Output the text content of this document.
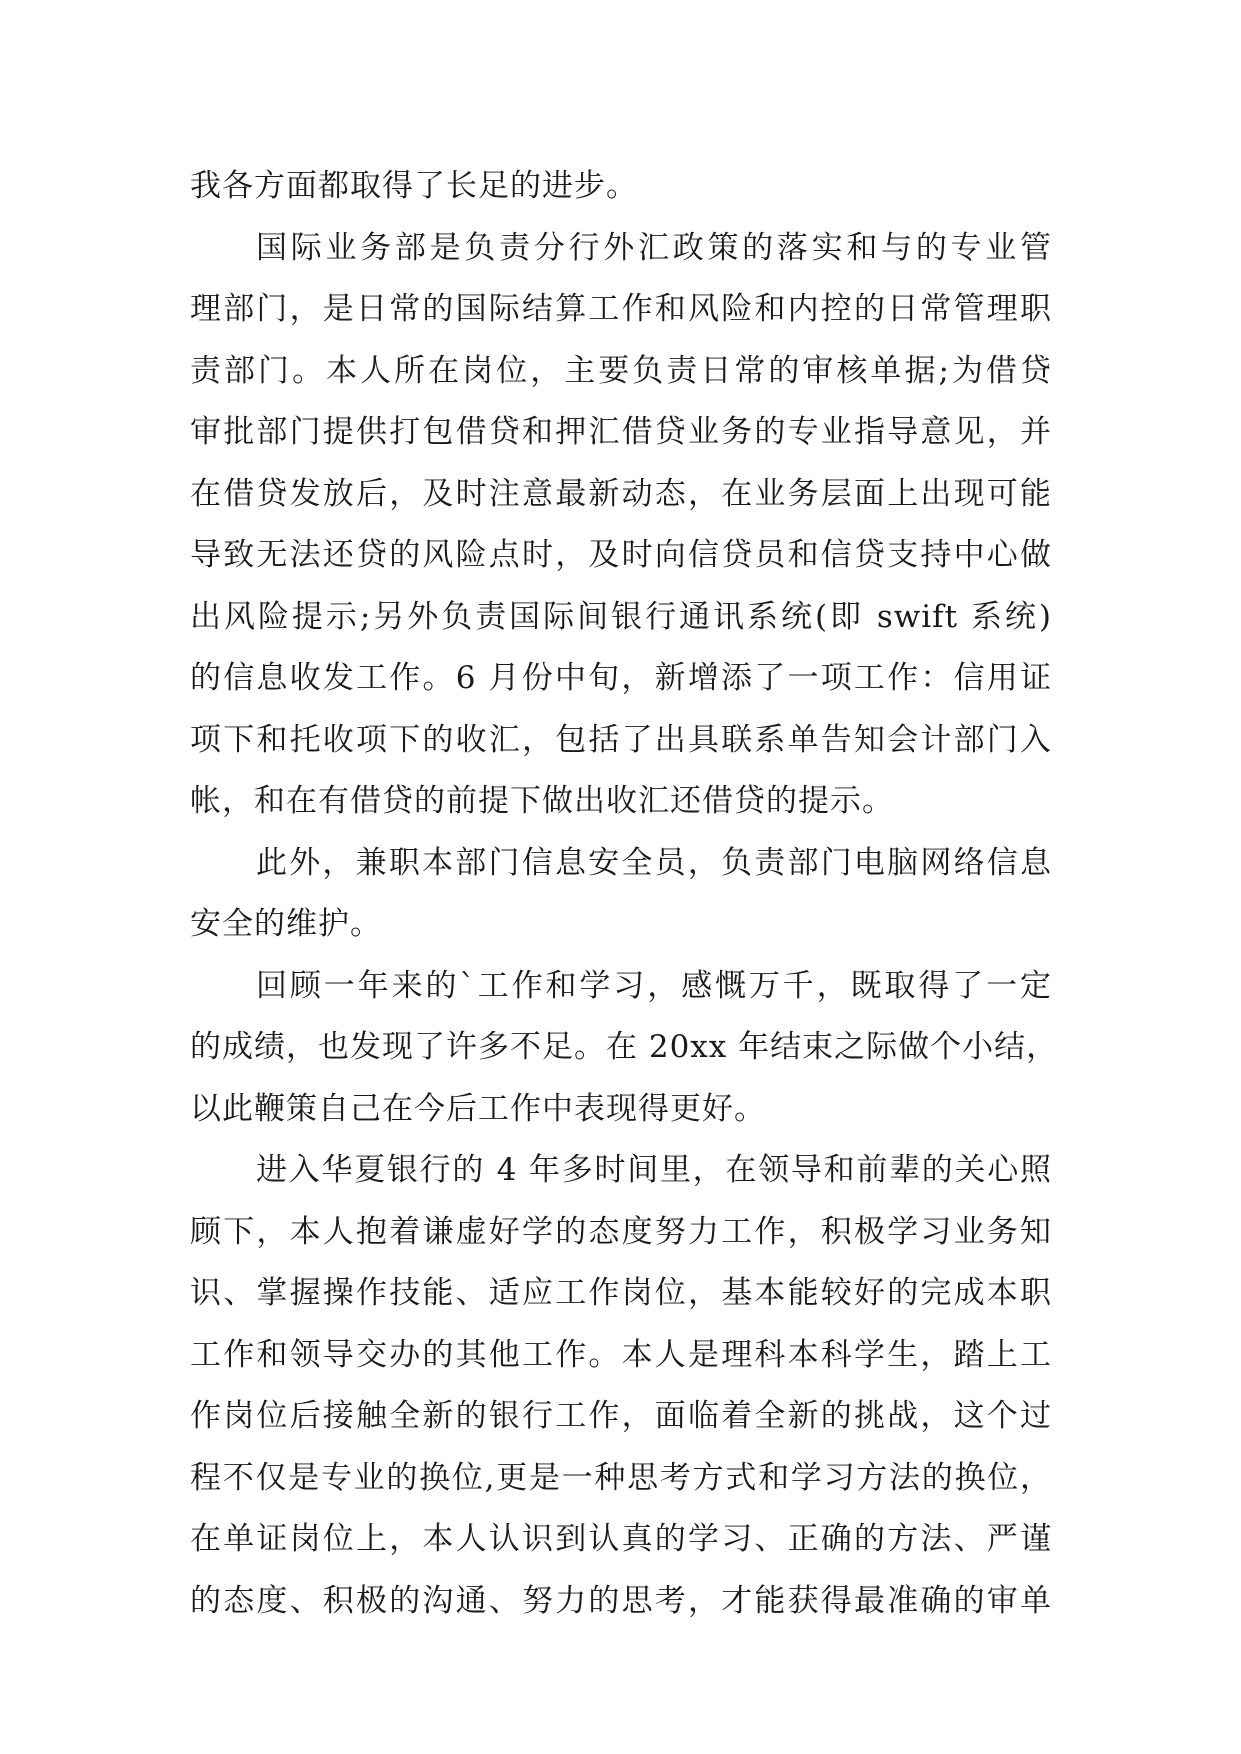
我各方面都取得了长足的进步。
国际业务部是负责分行外汇政策的落实和与的专业管
理部门，是日常的国际结算工作和风险和内控的日常管理职
责部门。本人所在岗位，主要负责日常的审核单据;为借贷
审批部门提供打包借贷和押汇借贷业务的专业指导意见，并
在借贷发放后，及时注意最新动态，在业务层面上出现可能
导致无法还贷的风险点时，及时向信贷员和信贷支持中心做
出风险提示;另外负责国际间银行通讯系统(即 swift 系统)
的信息收发工作。6 月份中旬，新增添了一项工作：信用证
项下和托收项下的收汇，包括了出具联系单告知会计部门入
帐，和在有借贷的前提下做出收汇还借贷的提示。
此外，兼职本部门信息安全员，负责部门电脑网络信息
安全的维护。
回顾一年来的`工作和学习，感慨万千，既取得了一定
的成绩，也发现了许多不足。在 20xx 年结束之际做个小结，
以此鞭策自己在今后工作中表现得更好。
进入华夏银行的 4 年多时间里，在领导和前辈的关心照
顾下，本人抱着谦虚好学的态度努力工作，积极学习业务知
识、掌握操作技能、适应工作岗位，基本能较好的完成本职
工作和领导交办的其他工作。本人是理科本科学生，踏上工
作岗位后接触全新的银行工作，面临着全新的挑战，这个过
程不仅是专业的换位,更是一种思考方式和学习方法的换位，
在单证岗位上，本人认识到认真的学习、正确的方法、严谨
的态度、积极的沟通、努力的思考，才能获得最准确的审单
